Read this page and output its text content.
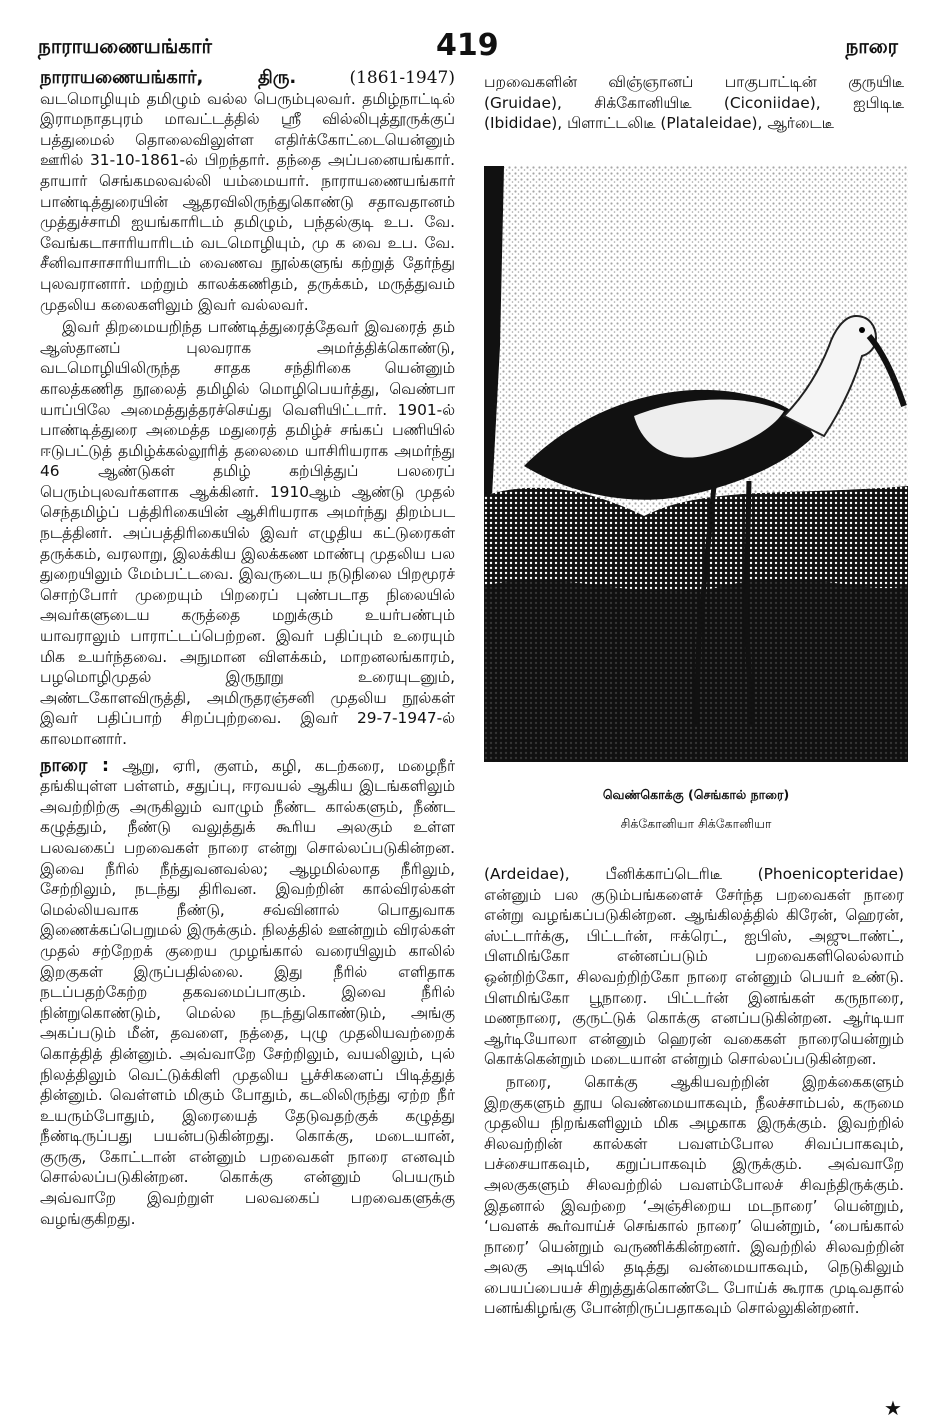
நாராயணையங்கார்	419	நாரை

நாராயணையங்கார், திரு.	(1861-1947) வடமொழியும் தமிழும் வல்ல பெரும்புலவர். தமிழ்நாட்டில் இராமநாதபுரம் மாவட்டத்தில் ஸ்ரீ வில்லிபுத்தூருக்குப் பத்துமைல் தொலைவிலுள்ள எதிர்க்கோட்டையென்னும் ஊரில் 31-10-1861-ல் பிறந்தார். தந்தை அப்பனையங்கார். தாயார் செங்கமலவல்லி யம்மையார். நாராயணையங்கார் பாண்டித்துரையின் ஆதரவிலிருந்துகொண்டு சதாவதானம் முத்துச்சாமி ஐயங்காரிடம் தமிழும், பந்தல்குடி உப. வே. வேங்கடாசாரியாரிடம் வடமொழியும், மு க வை உப. வே. சீனிவாசாசாரியாரிடம் வைணவ நூல்களுங் கற்றுத் தேர்ந்து புலவரானார். மற்றும் காலக்கணிதம், தருக்கம், மருத்துவம் முதலிய கலைகளிலும் இவர் வல்லவர்.

இவர் திறமையறிந்த பாண்டித்துரைத்தேவர் இவரைத் தம் ஆஸ்தானப் புலவராக அமர்த்திக்கொண்டு, வடமொழியிலிருந்த சாதக சந்திரிகை யென்னும் காலத்கணித நூலைத் தமிழில் மொழிபெயர்த்து, வெண்பா யாப்பிலே அமைத்துத்தரச்செய்து வெளியிட்டார். 1901-ல் பாண்டித்துரை அமைத்த மதுரைத் தமிழ்ச் சங்கப் பணியில் ஈடுபட்டுத் தமிழ்க்கல்லூரித் தலைமை யாசிரியராக அமர்ந்து 46 ஆண்டுகள் தமிழ் கற்பித்துப் பலரைப் பெரும்புலவர்களாக ஆக்கினர். 1910ஆம் ஆண்டு முதல் செந்தமிழ்ப் பத்திரிகையின் ஆசிரியராக அமர்ந்து திறம்பட நடத்தினர். அப்பத்திரிகையில் இவர் எழுதிய கட்டுரைகள் தருக்கம், வரலாறு, இலக்கிய இலக்கண மாண்பு முதலிய பல துறையிலும் மேம்பட்டவை. இவருடைய நடுநிலை பிறமூரச் சொற்போர் முறையும் பிறரைப் புண்படாத நிலையில் அவர்களுடைய கருத்தை மறுக்கும் உயர்பண்பும் யாவராலும் பாராட்டப்பெற்றன. இவர் பதிப்பும் உரையும் மிக உயர்ந்தவை. அநுமான விளக்கம், மாறனலங்காரம், பழமொழிமுதல் இருநூறு உரையுடனும், அண்டகோளவிருத்தி, அமிருதரஞ்சனி முதலிய நூல்கள் இவர் பதிப்பாற் சிறப்புற்றவை. இவர் 29-7-1947-ல் காலமானார்.

நாரை : ஆறு, ஏரி, குளம், கழி, கடற்கரை, மழைநீர் தங்கியுள்ள பள்ளம், சதுப்பு, ஈரவயல் ஆகிய இடங்களிலும் அவற்றிற்கு அருகிலும் வாழும் நீண்ட கால்களும், நீண்ட கழுத்தும், நீண்டு வலுத்துக் கூரிய அலகும் உள்ள பலவகைப் பறவைகள் நாரை என்று சொல்லப்படுகின்றன. இவை நீரில் நீந்துவனவல்ல; ஆழமில்லாத நீரிலும், சேற்றிலும், நடந்து திரிவன. இவற்றின் கால்விரல்கள் மெல்லியவாக நீண்டு, சவ்வினால் பொதுவாக இணைக்கப்பெறுமல் இருக்கும். நிலத்தில் ஊன்றும் விரல்கள் முதல் சற்றேறக் குறைய முழங்கால் வரையிலும் காலில் இறகுகள் இருப்பதில்லை. இது நீரில் எளிதாக நடப்பதற்கேற்ற தகவமைப்பாகும். இவை நீரில் நின்றுகொண்டும், மெல்ல நடந்துகொண்டும், அங்கு அகப்படும் மீன், தவளை, நத்தை, புழு முதலியவற்றைக் கொத்தித் தின்னும். அவ்வாறே சேற்றிலும், வயலிலும், புல் நிலத்திலும் வெட்டுக்கிளி முதலிய பூச்சிகளைப் பிடித்துத் தின்னும். வெள்ளம் மிகும் போதும், கடலிலிருந்து ஏற்ற நீர் உயரும்போதும், இரையைத் தேடுவதற்குக் கழுத்து நீண்டிருப்பது பயன்படுகின்றது. கொக்கு, மடையான், குருகு, கோட்டான் என்னும் பறவைகள் நாரை எனவும் சொல்லப்படுகின்றன. கொக்கு என்னும் பெயரும் அவ்வாறே இவற்றுள் பலவகைப் பறவைகளுக்கு வழங்குகிறது.

பறவைகளின் விஞ்ஞானப் பாகுபாட்டின் குருயிடீ (Gruidae), சிக்கோனியிடீ (Ciconiidae), ஐபிடிடீ (Ibididae), பிளாட்டலிடீ (Plataleidae), ஆர்டைடீ

வெண்கொக்கு (செங்கால் நாரை)
சிக்கோனியா சிக்கோனியா

(Ardeidae), பீனிக்காப்டெரிடீ (Phoenicopteridae) என்னும் பல குடும்பங்களைச் சேர்ந்த பறவைகள் நாரை என்று வழங்கப்படுகின்றன. ஆங்கிலத்தில் கிரேன், ஹெரன், ஸ்ட்டார்க்கு, பிட்டர்ன், ஈக்ரெட், ஐபிஸ், அஜுடாண்ட், பிளமிங்கோ என்னப்படும் பறவைகளிலெல்லாம் ஒன்றிற்கோ, சிலவற்றிற்கோ நாரை என்னும் பெயர் உண்டு. பிளமிங்கோ பூநாரை. பிட்டர்ன் இனங்கள் கருநாரை, மணநாரை, குருட்டுக் கொக்கு எனப்படுகின்றன. ஆர்டியா ஆர்டியோலா என்னும் ஹெரன் வகைகள் நாரையென்றும் கொக்கென்றும் மடையான் என்றும் சொல்லப்படுகின்றன.

நாரை, கொக்கு ஆகியவற்றின் இறக்கைகளும் இறகுகளும் தூய வெண்மையாகவும், நீலச்சாம்பல், கருமை முதலிய நிறங்களிலும் மிக அழகாக இருக்கும். இவற்றில் சிலவற்றின் கால்கள் பவளம்போல சிவப்பாகவும், பச்சையாகவும், கறுப்பாகவும் இருக்கும். அவ்வாறே அலகுகளும் சிலவற்றில் பவளம்போலச் சிவந்திருக்கும். இதனால் இவற்றை ‘அஞ்சிறைய மடநாரை’ யென்றும், ‘பவளக் கூர்வாய்ச் செங்கால் நாரை’ யென்றும், ‘பைங்கால் நாரை’ யென்றும் வருணிக்கின்றனர். இவற்றில் சிலவற்றின் அலகு அடியில் தடித்து வன்மையாகவும், நெடுகிலும் பையப்பையச் சிறுத்துக்கொண்டே போய்க் கூராக முடிவதால் பனங்கிழங்கு போன்றிருப்பதாகவும் சொல்லுகின்றனர்.

★
